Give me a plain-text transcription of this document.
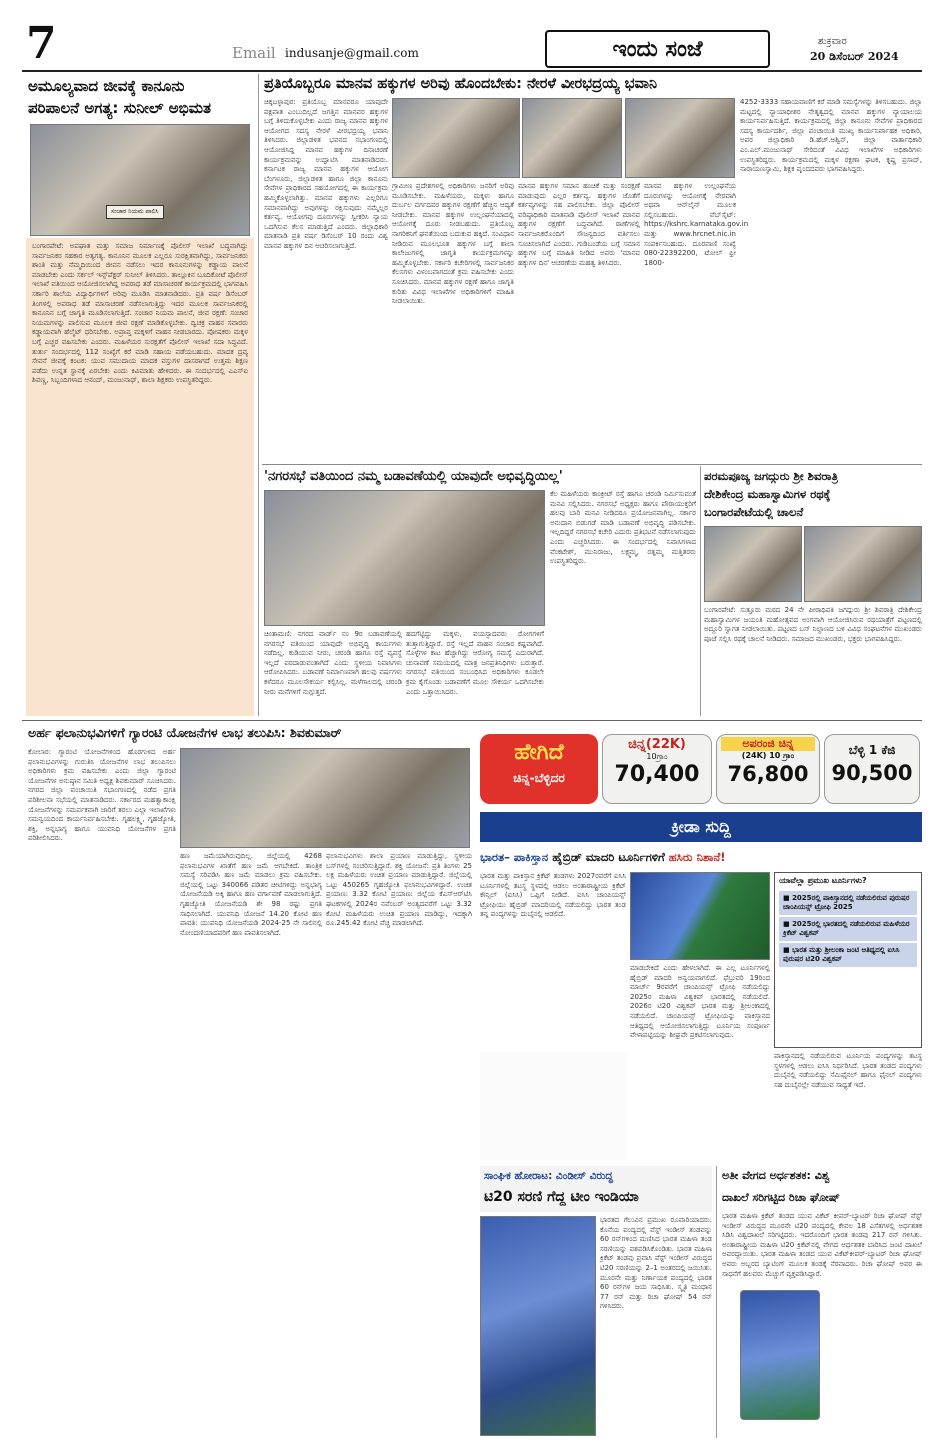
7	Email indusanje@gmail.com	ಇಂದು ಸಂಜೆ	ಶುಕ್ರವಾರ
20 ಡಿಸೆಂಬರ್ 2024
ಅಮೂಲ್ಯವಾದ ಜೀವಕ್ಕೆ ಕಾನೂನು
ಪರಿಪಾಲನೆ ಅಗತ್ಯ: ಸುನೀಲ್ ಅಭಿಮತ
ಸಂಚಾರ ನಿಯಮ ಪಾಲಿಸಿ
ಬಂಗಾರಪೇಟೆ: ಅಪಘಾತ ಮತ್ತು ಸಮಾಜ ನಿರ್ಮಾಣಕ್ಕೆ ಪೊಲೀಸ್ ಇಲಾಖೆ ಬದ್ಧವಾಗಿದ್ದು ಸಾರ್ವಜನಿಕರ ಸಹಕಾರ ಅತ್ಯಗತ್ಯ. ಕಾನೂನಿನ ಮೂಲಕ ಎಲ್ಲರೂ ಸುರಕ್ಷಿತವಾಗಿದ್ದು, ಸಾರ್ವಜನಿಕರು ಶಾಂತಿ ಮತ್ತು ನೆಮ್ಮದಿಯಿಂದ ಜೀವನ ನಡೆಸಲು ಇದರ ಕಾನೂನುಗಳನ್ನು ಕಡ್ಡಾಯ ಪಾಲನೆ ಮಾಡಬೇಕು ಎಂದು ಸರ್ಕಲ್ ಇನ್ಸ್‌ಪೆಕ್ಟರ್ ಸುನೀಲ್ ತಿಳಿಸಿದರು. ತಾಲ್ಲೂಕಿನ ಬೂದಿಕೋಟೆ ಪೊಲೀಸ್ ಇಲಾಖೆ ವತಿಯಿಂದ ಆಯೋಜಿಸಲಾಗಿದ್ದ ಅಪರಾಧ ತಡೆ ಮಾಸಾಚರಣೆ ಕಾರ್ಯಕ್ರಮದಲ್ಲಿ ಭಾಗವಹಿಸಿ ಸರ್ಕಾರಿ ಶಾಲೆಯ ವಿದ್ಯಾರ್ಥಿಗಳಿಗೆ ಅರಿವು ಮೂಡಿಸಿ ಮಾತನಾಡಿದರು. ಪ್ರತಿ ವರ್ಷ ಡಿಸೆಂಬರ್ ತಿಂಗಳಲ್ಲಿ ಅಪರಾಧ ತಡೆ ಮಾಸಾಚರಣೆ ನಡೆಸಲಾಗುತ್ತಿದ್ದು ಇದರ ಮೂಲಕ ಸಾರ್ವಜನಿಕರಲ್ಲಿ ಕಾನೂನಿನ ಬಗ್ಗೆ ಜಾಗೃತಿ ಮೂಡಿಸಲಾಗುತ್ತಿದೆ. ಸಂಚಾರ ನಿಯಮ ಪಾಲನೆ, ಜೀವ ರಕ್ಷಣೆ: ಸಂಚಾರ ನಿಯಮಗಳನ್ನು ಪಾಲಿಸುವ ಮೂಲಕ ಜೀವ ರಕ್ಷಣೆ ಮಾಡಿಕೊಳ್ಳಬೇಕು. ದ್ವಿಚಕ್ರ ವಾಹನ ಸವಾರರು ಕಡ್ಡಾಯವಾಗಿ ಹೆಲ್ಮೆಟ್ ಧರಿಸಬೇಕು. ಅಪ್ರಾಪ್ತ ಮಕ್ಕಳಿಗೆ ವಾಹನ ನೀಡಬಾರದು. ಪೋಷಕರು ಮಕ್ಕಳ ಬಗ್ಗೆ ಎಚ್ಚರ ವಹಿಸಬೇಕು ಎಂದರು. ಮಹಿಳೆಯರ ಸುರಕ್ಷತೆಗೆ ಪೊಲೀಸ್ ಇಲಾಖೆ ಸದಾ ಸಿದ್ಧವಿದೆ. ತುರ್ತು ಸಂದರ್ಭದಲ್ಲಿ 112 ಸಂಖ್ಯೆಗೆ ಕರೆ ಮಾಡಿ ಸಹಾಯ ಪಡೆಯಬಹುದು. ಮಾದಕ ದ್ರವ್ಯ ಸೇವನೆ ಜೀವಕ್ಕೆ ಕಂಟಕ: ಯುವ ಸಮುದಾಯ ಮಾದಕ ವಸ್ತುಗಳ ದಾಸರಾಗದೆ ಉತ್ತಮ ಶಿಕ್ಷಣ ಪಡೆದು ಉನ್ನತ ಸ್ಥಾನಕ್ಕೆ ಏರಬೇಕು ಎಂದು ಕಿವಿಮಾತು ಹೇಳಿದರು. ಈ ಸಂದರ್ಭದಲ್ಲಿ ಎಎಸ್‌ಐ ಶಿವಣ್ಣ, ಸಿಬ್ಬಂದಿಗಳಾದ ಆನಂದ್, ಮಂಜುನಾಥ್, ಶಾಲಾ ಶಿಕ್ಷಕರು ಉಪಸ್ಥಿತರಿದ್ದರು.
ಪ್ರತಿಯೊಬ್ಬರೂ ಮಾನವ ಹಕ್ಕುಗಳ ಅರಿವು ಹೊಂದಬೇಕು: ನೇರಳೆ ವೀರಭದ್ರಯ್ಯ ಭವಾನಿ
ಚಿಕ್ಕಬಳ್ಳಾಪುರ: ಪ್ರತಿಯೊಬ್ಬ ಮಾನವರೂ ಯಾವುದೇ ಪಕ್ಷಪಾತ ಎಂಬುದಿಲ್ಲದೆ ಜಗತ್ತಿನ ಮಾನವರ ಹಕ್ಕುಗಳ ಬಗ್ಗೆ ತಿಳಿದುಕೊಳ್ಳಬೇಕು ಎಂದು ರಾಜ್ಯ ಮಾನವ ಹಕ್ಕುಗಳ ಆಯೋಗದ ಸದಸ್ಯ ನೇರಳೆ ವೀರಭದ್ರಯ್ಯ ಭವಾನಿ ತಿಳಿಸಿದರು. ಜಿಲ್ಲಾಡಳಿತ ಭವನದ ಸಭಾಂಗಣದಲ್ಲಿ ಆಯೋಜಿಸಿದ್ದ ಮಾನವ ಹಕ್ಕುಗಳ ದಿನಾಚರಣೆ ಕಾರ್ಯಕ್ರಮವನ್ನು ಉದ್ಘಾಟಿಸಿ ಮಾತನಾಡಿದರು. ಕರ್ನಾಟಕ ರಾಜ್ಯ ಮಾನವ ಹಕ್ಕುಗಳ ಆಯೋಗ ಬೆಂಗಳೂರು, ಜಿಲ್ಲಾಡಳಿತ ಹಾಗೂ ಜಿಲ್ಲಾ ಕಾನೂನು ಸೇವೆಗಳ ಪ್ರಾಧಿಕಾರದ ಸಹಯೋಗದಲ್ಲಿ ಈ ಕಾರ್ಯಕ್ರಮ ಹಮ್ಮಿಕೊಳ್ಳಲಾಗಿತ್ತು. ಮಾನವ ಹಕ್ಕುಗಳು ಎಲ್ಲರಿಗೂ ಸಮಾನವಾಗಿದ್ದು ಅವುಗಳನ್ನು ರಕ್ಷಿಸುವುದು ನಮ್ಮೆಲ್ಲರ ಕರ್ತವ್ಯ. ಆಯೋಗವು ದೂರುಗಳನ್ನು ಸ್ವೀಕರಿಸಿ ನ್ಯಾಯ ಒದಗಿಸುವ ಕೆಲಸ ಮಾಡುತ್ತಿದೆ ಎಂದರು. ಜಿಲ್ಲಾಧಿಕಾರಿ ಮಾತನಾಡಿ ಪ್ರತಿ ವರ್ಷ ಡಿಸೆಂಬರ್ 10 ರಂದು ವಿಶ್ವ ಮಾನವ ಹಕ್ಕುಗಳ ದಿನ ಆಚರಿಸಲಾಗುತ್ತಿದೆ.
ಗ್ರಾಮೀಣ ಪ್ರದೇಶಗಳಲ್ಲಿ ಅಧಿಕಾರಿಗಳು ಜನರಿಗೆ ಅರಿವು ಮೂಡಿಸಬೇಕು. ಮಹಿಳೆಯರು, ಮಕ್ಕಳು ಹಾಗೂ ದುರ್ಬಲ ವರ್ಗದವರ ಹಕ್ಕುಗಳ ರಕ್ಷಣೆಗೆ ಹೆಚ್ಚಿನ ಆದ್ಯತೆ ನೀಡಬೇಕು. ಮಾನವ ಹಕ್ಕುಗಳ ಉಲ್ಲಂಘನೆಯಾದಲ್ಲಿ ಆಯೋಗಕ್ಕೆ ದೂರು ನೀಡಬಹುದು. ಪ್ರತಿಯೊಬ್ಬ ನಾಗರಿಕನಿಗೆ ಘನತೆಯಿಂದ ಬದುಕುವ ಹಕ್ಕಿದೆ. ಸಂವಿಧಾನ ನೀಡಿರುವ ಮೂಲಭೂತ ಹಕ್ಕುಗಳ ಬಗ್ಗೆ ಶಾಲಾ ಕಾಲೇಜುಗಳಲ್ಲಿ ಜಾಗೃತಿ ಕಾರ್ಯಕ್ರಮಗಳನ್ನು ಹಮ್ಮಿಕೊಳ್ಳಬೇಕು. ಸರ್ಕಾರಿ ಕಚೇರಿಗಳಲ್ಲಿ ಸಾರ್ವಜನಿಕರ ಕೆಲಸಗಳು ವಿಳಂಬವಾಗದಂತೆ ಕ್ರಮ ವಹಿಸಬೇಕು ಎಂದು ಸೂಚಿಸಿದರು. ಮಾನವ ಹಕ್ಕುಗಳ ರಕ್ಷಣೆ ಹಾಗೂ ಜಾಗೃತಿ ಕುರಿತು ವಿವಿಧ ಇಲಾಖೆಗಳ ಅಧಿಕಾರಿಗಳಿಗೆ ಮಾಹಿತಿ ನೀಡಲಾಯಿತು.
ಮಾನವ ಹಕ್ಕುಗಳ ಸಮಾನ ಹಂಚಿಕೆ ಮತ್ತು ಸಂರಕ್ಷಣೆ ಮಾಡುವುದು ಎಲ್ಲರ ಕರ್ತವ್ಯ. ಹಕ್ಕುಗಳ ಜೊತೆಗೆ ಕರ್ತವ್ಯಗಳನ್ನು ಸಹ ಪಾಲಿಸಬೇಕು. ಜಿಲ್ಲಾ ಪೊಲೀಸ್ ವರಿಷ್ಠಾಧಿಕಾರಿ ಮಾತನಾಡಿ ಪೊಲೀಸ್ ಇಲಾಖೆ ಮಾನವ ಹಕ್ಕುಗಳ ರಕ್ಷಣೆಗೆ ಬದ್ಧವಾಗಿದೆ. ಠಾಣೆಗಳಲ್ಲಿ ಸಾರ್ವಜನಿಕರೊಂದಿಗೆ ಸೌಜನ್ಯದಿಂದ ವರ್ತಿಸಲು ಸೂಚಿಸಲಾಗಿದೆ ಎಂದರು. ಗುಡಿಬಂಡೆಯ ಬಗ್ಗೆ ಸಮಾನ ಹಕ್ಕುಗಳ ಬಗ್ಗೆ ಮಾಹಿತಿ ನೀಡಿದ ಅವರು 'ಮಾನವ ಹಕ್ಕುಗಳ ದಿನ' ಆಚರಣೆಯ ಮಹತ್ವ ತಿಳಿಸಿದರು.
ಮಾನವ ಹಕ್ಕುಗಳ ಉಲ್ಲಂಘನೆಯ ದೂರುಗಳನ್ನು ಆಯೋಗಕ್ಕೆ ನೇರವಾಗಿ ಅಥವಾ ಆನ್‌ಲೈನ್ ಮೂಲಕ ಸಲ್ಲಿಸಬಹುದು. ವೆಬ್‌ಸೈಟ್: https://kshrc.karnataka.gov.in ಮತ್ತು www.hrcnet.nic.in ಸಂಪರ್ಕಿಸಬಹುದು. ದೂರವಾಣಿ ಸಂಖ್ಯೆ 080-22392200, ಟೋಲ್ ಫ್ರೀ 1800-
4252-3333 ಸಹಾಯವಾಣಿಗೆ ಕರೆ ಮಾಡಿ ಸಮಸ್ಯೆಗಳನ್ನು ತಿಳಿಸಬಹುದು. ಜಿಲ್ಲಾ ಮಟ್ಟದಲ್ಲಿ ನ್ಯಾಯಾಧೀಶರ ನೇತೃತ್ವದಲ್ಲಿ ಮಾನವ ಹಕ್ಕುಗಳ ನ್ಯಾಯಾಲಯ ಕಾರ್ಯನಿರ್ವಹಿಸುತ್ತಿದೆ. ಕಾರ್ಯಕ್ರಮದಲ್ಲಿ ಜಿಲ್ಲಾ ಕಾನೂನು ಸೇವೆಗಳ ಪ್ರಾಧಿಕಾರದ ಸದಸ್ಯ ಕಾರ್ಯದರ್ಶಿ, ಜಿಲ್ಲಾ ಪಂಚಾಯಿತಿ ಮುಖ್ಯ ಕಾರ್ಯನಿರ್ವಾಹಕ ಅಧಿಕಾರಿ, ಅಪರ ಜಿಲ್ಲಾಧಿಕಾರಿ ಡಿ.ಹೆಚ್.ಅಶ್ವಿನ್, ಜಿಲ್ಲಾ ವಾರ್ತಾಧಿಕಾರಿ ಎಂ.ಎಲ್.ಮಂಜುನಾಥ್ ಸೇರಿದಂತೆ ವಿವಿಧ ಇಲಾಖೆಗಳ ಅಧಿಕಾರಿಗಳು ಉಪಸ್ಥಿತರಿದ್ದರು. ಕಾರ್ಯಕ್ರಮದಲ್ಲಿ ಮಕ್ಕಳ ರಕ್ಷಣಾ ಘಟಕ, ಕೃಷ್ಣ ಪ್ರಸಾದ್, ನಾರಾಯಣಸ್ವಾಮಿ, ಶಿಕ್ಷಕ ವೃಂದದವರು ಭಾಗವಹಿಸಿದ್ದರು.
'ನಗರಸಭೆ ವತಿಯಿಂದ ನಮ್ಮ ಬಡಾವಣೆಯಲ್ಲಿ ಯಾವುದೇ ಅಭಿವೃದ್ಧಿಯಿಲ್ಲ'
ಚಿಂತಾಮಣಿ: ನಗರದ ವಾರ್ಡ್ ನಂ 9ರ ಬಡಾವಣೆಯಲ್ಲಿ ನಗರಸಭೆ ವತಿಯಿಂದ ಯಾವುದೇ ಅಭಿವೃದ್ಧಿ ಕಾರ್ಯಗಳು ನಡೆದಿಲ್ಲ. ಕುಡಿಯುವ ನೀರು, ಚರಂಡಿ ಹಾಗೂ ರಸ್ತೆ ವ್ಯವಸ್ಥೆ ಇಲ್ಲದೆ ಪರದಾಡುವಂತಾಗಿದೆ ಎಂದು ಸ್ಥಳೀಯ ನಿವಾಸಿಗಳು ಆರೋಪಿಸಿದರು. ಬಡಾವಣೆ ನಿರ್ಮಾಣವಾಗಿ ಹಲವು ವರ್ಷಗಳು ಕಳೆದರೂ ಮೂಲಸೌಕರ್ಯ ಕಲ್ಪಿಸಿಲ್ಲ. ಮಳೆಗಾಲದಲ್ಲಿ ಚರಂಡಿ ನೀರು ಮನೆಗಳಿಗೆ ನುಗ್ಗುತ್ತದೆ.
ಹದಗೆಟ್ಟಿದ್ದು ಮಕ್ಕಳು, ವಯಸ್ಸಾದವರು ರೋಗಗಳಿಗೆ ತುತ್ತಾಗುತ್ತಿದ್ದಾರೆ. ರಸ್ತೆ ಇಲ್ಲದೆ ವಾಹನ ಸಂಚಾರ ಕಷ್ಟವಾಗಿದೆ. ಸೊಳ್ಳೆಗಳ ಕಾಟ ಹೆಚ್ಚಾಗಿದ್ದು ಆರೋಗ್ಯ ಸಮಸ್ಯೆ ಎದುರಾಗಿದೆ. ಚುನಾವಣೆ ಸಮಯದಲ್ಲಿ ಮಾತ್ರ ಜನಪ್ರತಿನಿಧಿಗಳು ಬರುತ್ತಾರೆ. ನಗರಸಭೆ ವತಿಯಿಂದ ಸಂಬಂಧಿಸಿದ ಅಧಿಕಾರಿಗಳು ಕೂಡಲೇ ಕ್ರಮ ಕೈಗೊಂಡು ಬಡಾವಣೆಗೆ ಮೂಲ ಸೌಕರ್ಯ ಒದಗಿಸಬೇಕು ಎಂದು ಒತ್ತಾಯಿಸಿದರು.
ಕೆಲ ಮಹಿಳೆಯರು ಕಾಂಕ್ರೀಟ್ ರಸ್ತೆ ಹಾಗೂ ಚರಂಡಿ ನಿರ್ಮಿಸುವಂತೆ ಮನವಿ ಸಲ್ಲಿಸಿದರು. ನಗರಸಭೆ ಅಧ್ಯಕ್ಷರು ಹಾಗೂ ಪೌರಾಯುಕ್ತರಿಗೆ ಹಲವು ಬಾರಿ ಮನವಿ ನೀಡಿದರೂ ಪ್ರಯೋಜನವಾಗಿಲ್ಲ. ಸರ್ಕಾರ ಅನುದಾನ ಬಿಡುಗಡೆ ಮಾಡಿ ಬಡಾವಣೆ ಅಭಿವೃದ್ಧಿ ಪಡಿಸಬೇಕು. ಇಲ್ಲದಿದ್ದರೆ ನಗರಸಭೆ ಕಚೇರಿ ಎದುರು ಪ್ರತಿಭಟನೆ ನಡೆಸಲಾಗುವುದು ಎಂದು ಎಚ್ಚರಿಸಿದರು. ಈ ಸಂದರ್ಭದಲ್ಲಿ ನಿವಾಸಿಗಳಾದ ವೆಂಕಟೇಶ್, ಮುನಿರಾಜು, ಲಕ್ಷ್ಮಮ್ಮ, ರತ್ನಮ್ಮ ಮತ್ತಿತರರು ಉಪಸ್ಥಿತರಿದ್ದರು.
ಪರಮಪೂಜ್ಯ ಜಗದ್ಗುರು ಶ್ರೀ ಶಿವರಾತ್ರಿ
ದೇಶಿಕೇಂದ್ರ ಮಹಾಸ್ವಾಮಿಗಳ ರಥಕ್ಕೆ
ಬಂಗಾರಪೇಟೆಯಲ್ಲಿ ಚಾಲನೆ
ಬಂಗಾರಪೇಟೆ: ಸುತ್ತೂರು ಮಠದ 24 ನೇ ಪೀಠಾಧಿಪತಿ ಜಗದ್ಗುರು ಶ್ರೀ ಶಿವರಾತ್ರಿ ದೇಶಿಕೇಂದ್ರ ಮಹಾಸ್ವಾಮಿಗಳ ಜಯಂತಿ ಮಹೋತ್ಸವದ ಅಂಗವಾಗಿ ಆಯೋಜಿಸಿರುವ ರಥಯಾತ್ರೆಗೆ ಪಟ್ಟಣದಲ್ಲಿ ಅದ್ದೂರಿ ಸ್ವಾಗತ ನೀಡಲಾಯಿತು. ಪಟ್ಟಣದ ಬಸ್ ನಿಲ್ದಾಣದ ಬಳಿ ವಿವಿಧ ಸಂಘಟನೆಗಳ ಮುಖಂಡರು ಪೂಜೆ ಸಲ್ಲಿಸಿ ರಥಕ್ಕೆ ಚಾಲನೆ ನೀಡಿದರು. ಸಮಾಜದ ಮುಖಂಡರು, ಭಕ್ತರು ಭಾಗವಹಿಸಿದ್ದರು.
ಅರ್ಹ ಫಲಾನುಭವಿಗಳಿಗೆ ಗ್ಯಾರಂಟಿ ಯೋಜನೆಗಳ ಲಾಭ ತಲುಪಿಸಿ: ಶಿವಕುಮಾರ್
ಕೋಲಾರ: ಗ್ಯಾರಂಟಿ ಯೋಜನೆಗಳಿಂದ ಹೊರಗುಳಿದ ಅರ್ಹ ಫಲಾನುಭವಿಗಳನ್ನು ಗುರುತಿಸಿ ಯೋಜನೆಗಳ ಲಾಭ ತಲುಪಿಸಲು ಅಧಿಕಾರಿಗಳು ಕ್ರಮ ವಹಿಸಬೇಕು ಎಂದು ಜಿಲ್ಲಾ ಗ್ಯಾರಂಟಿ ಯೋಜನೆಗಳ ಅನುಷ್ಠಾನ ಸಮಿತಿ ಅಧ್ಯಕ್ಷ ಶಿವಕುಮಾರ್ ಸೂಚಿಸಿದರು. ನಗರದ ಜಿಲ್ಲಾ ಪಂಚಾಯಿತಿ ಸಭಾಂಗಣದಲ್ಲಿ ನಡೆದ ಪ್ರಗತಿ ಪರಿಶೀಲನಾ ಸಭೆಯಲ್ಲಿ ಮಾತನಾಡಿದರು. ಸರ್ಕಾರದ ಮಹತ್ವಾಕಾಂಕ್ಷಿ ಯೋಜನೆಗಳನ್ನು ಸಮರ್ಪಕವಾಗಿ ಜಾರಿಗೆ ತರಲು ಎಲ್ಲಾ ಇಲಾಖೆಗಳು ಸಮನ್ವಯದಿಂದ ಕಾರ್ಯನಿರ್ವಹಿಸಬೇಕು. ಗೃಹಲಕ್ಷ್ಮಿ, ಗೃಹಜ್ಯೋತಿ, ಶಕ್ತಿ, ಅನ್ನಭಾಗ್ಯ ಹಾಗೂ ಯುವನಿಧಿ ಯೋಜನೆಗಳ ಪ್ರಗತಿ ಪರಿಶೀಲಿಸಿದರು.
ಹಣ ಜಮೆಯಾಗಿರುವುದಿಲ್ಲ. ಜಿಲ್ಲೆಯಲ್ಲಿ 4268 ಫಲಾನುಭವಿಗಳ ಖಾತೆಗೆ ಹಣ ಜಮೆ ಆಗಬೇಕಿದೆ. ತಾಂತ್ರಿಕ ಸಮಸ್ಯೆ ಸರಿಪಡಿಸಿ ಹಣ ಜಮೆ ಮಾಡಲು ಕ್ರಮ ವಹಿಸಬೇಕು. ಜಿಲ್ಲೆಯಲ್ಲಿ ಒಟ್ಟು 340066 ಪಡಿತರ ಚೀಟಿಗಳಿದ್ದು ಅನ್ನಭಾಗ್ಯ ಯೋಜನೆಯಡಿ ಅಕ್ಕಿ ಹಾಗೂ ಹಣ ವರ್ಗಾವಣೆ ಮಾಡಲಾಗುತ್ತಿದೆ. ಗೃಹಜ್ಯೋತಿ ಯೋಜನೆಯಡಿ ಶೇ 98 ರಷ್ಟು ಪ್ರಗತಿ ಸಾಧಿಸಲಾಗಿದೆ. ಯುವನಿಧಿ ಯೋಜನೆ 14.20 ಕೋಟಿ ಹಣ ಪಾವತಿ: ಯುವನಿಧಿ ಯೋಜನೆಯಡಿ 2024-25 ನೇ ಸಾಲಿನಲ್ಲಿ ನೋಂದಣಿಯಾದವರಿಗೆ ಹಣ ಪಾವತಿಸಲಾಗಿದೆ.
ಫಲಾನುಭವಿಗಳು ಶಾಲಾ ಪ್ರಯಾಣ ಮಾಡುತ್ತಿದ್ದು, ಸ್ಥಳೀಯ ಬಸ್‌ಗಳಲ್ಲಿ ಸಂಚರಿಸುತ್ತಿದ್ದಾರೆ. ಶಕ್ತಿ ಯೋಜನೆ: ಪ್ರತಿ ತಿಂಗಳು 25 ಲಕ್ಷ ಮಹಿಳೆಯರು ಉಚಿತ ಪ್ರಯಾಣ ಮಾಡುತ್ತಿದ್ದಾರೆ. ಜಿಲ್ಲೆಯಲ್ಲಿ ಒಟ್ಟು 450265 ಗೃಹಜ್ಯೋತಿ ಫಲಾನುಭವಿಗಳಿದ್ದಾರೆ. ಉಚಿತ ಪ್ರಯಾಣ: 3.32 ಕೋಟಿ ಪ್ರಯಾಣ: ಜಿಲ್ಲೆಯ ಕೆಎಸ್ಆರ್‌ಟಿಸಿ ಘಟಕಗಳಲ್ಲಿ 2024ರ ನವೆಂಬರ್ ಅಂತ್ಯದವರೆಗೆ ಒಟ್ಟು 3.32 ಕೋಟಿ ಮಹಿಳೆಯರು ಉಚಿತ ಪ್ರಯಾಣ ಮಾಡಿದ್ದು, ಇದಕ್ಕಾಗಿ ರೂ.245.42 ಕೋಟಿ ವೆಚ್ಚ ಮಾಡಲಾಗಿದೆ.
ಹೇಗಿದೆ
ಚಿನ್ನ-ಬೆಳ್ಳಿದರ
ಚಿನ್ನ(22K)
10ಗ್ರಾಂ
70,400
ಅಪರಂಜಿ ಚಿನ್ನ
(24K) 10 ಗ್ರಾಂ
76,800
ಬೆಳ್ಳಿ 1 ಕೆಜಿ
90,500
ಕ್ರೀಡಾ ಸುದ್ದಿ
ಭಾರತ– ಪಾಕಿಸ್ತಾನ ಹೈಬ್ರಿಡ್ ಮಾದರಿ ಟೂರ್ನಿಗಳಿಗೆ ಹಸಿರು ನಿಶಾನೆ!
ಭಾರತ ಮತ್ತು ಪಾಕಿಸ್ತಾನ ಕ್ರಿಕೆಟ್ ತಂಡಗಳು 2027ರವರೆಗೆ ಐಸಿಸಿ ಟೂರ್ನಿಗಳಲ್ಲಿ ತಟಸ್ಥ ಸ್ಥಳದಲ್ಲಿ ಆಡಲು ಅಂತಾರಾಷ್ಟ್ರೀಯ ಕ್ರಿಕೆಟ್ ಕೌನ್ಸಿಲ್ (ಐಸಿಸಿ) ಒಪ್ಪಿಗೆ ನೀಡಿದೆ. ಐಸಿಸಿ ಚಾಂಪಿಯನ್ಸ್ ಟ್ರೋಫಿಯು ಹೈಬ್ರಿಡ್ ಮಾದರಿಯಲ್ಲಿ ನಡೆಯಲಿದ್ದು ಭಾರತ ತಂಡ ತನ್ನ ಪಂದ್ಯಗಳನ್ನು ದುಬೈನಲ್ಲಿ ಆಡಲಿದೆ.
ಮಾಡಬೇಕಿದೆ ಎಂದು ಹೇಳಲಾಗಿದೆ. ಈ ಎಲ್ಲ ಟೂರ್ನಿಗಳಲ್ಲಿ ಹೈಬ್ರಿಡ್ ಮಾದರಿ ಅನ್ವಯವಾಗಲಿದೆ. ಫೆಬ್ರುವರಿ 19ರಿಂದ ಮಾರ್ಚ್ 9ರವರೆಗೆ ಚಾಂಪಿಯನ್ಸ್ ಟ್ರೋಫಿ ನಡೆಯಲಿದ್ದು 2025ರ ಮಹಿಳಾ ವಿಶ್ವಕಪ್ ಭಾರತದಲ್ಲಿ ನಡೆಯಲಿದೆ. 2026ರ ಟಿ20 ವಿಶ್ವಕಪ್ ಭಾರತ ಮತ್ತು ಶ್ರೀಲಂಕಾದಲ್ಲಿ ನಡೆಯಲಿದೆ. ಚಾಂಪಿಯನ್ಸ್ ಟ್ರೋಫಿಯನ್ನು ಪಾಕಿಸ್ತಾನದ ಆತಿಥ್ಯದಲ್ಲಿ ಆಯೋಜಿಸಲಾಗುತ್ತಿದ್ದು ಟೂರ್ನಿಯ ಸಂಪೂರ್ಣ ವೇಳಾಪಟ್ಟಿಯನ್ನು ಶೀಘ್ರವೇ ಪ್ರಕಟಿಸಲಾಗುವುದು.
ಯಾವೆಲ್ಲಾ ಪ್ರಮುಖ ಟೂರ್ನಿಗಳು?
■ 2025ರಲ್ಲಿ ಪಾಕಿಸ್ತಾನದಲ್ಲಿ ನಡೆಯಲಿರುವ ಪುರುಷರ ಚಾಂಪಿಯನ್ಸ್ ಟ್ರೋಫಿ 2025
■ 2025ರಲ್ಲಿ ಭಾರತದಲ್ಲಿ ನಡೆಯಲಿರುವ ಮಹಿಳೆಯರ ಕ್ರಿಕೆಟ್ ವಿಶ್ವಕಪ್
■ ಭಾರತ ಮತ್ತು ಶ್ರೀಲಂಕಾ ಜಂಟಿ ಆತಿಥ್ಯದಲ್ಲಿ ಐಸಿಸಿ ಪುರುಷರ ಟಿ20 ವಿಶ್ವಕಪ್
ಪಾಕಿಸ್ತಾನದಲ್ಲಿ ನಡೆಯಲಿರುವ ಟೂರ್ನಿಯ ಪಂದ್ಯಗಳನ್ನು ತಟಸ್ಥ ಸ್ಥಳಗಳಲ್ಲಿ ಆಡಲು ಐಸಿಸಿ ನಿರ್ಧರಿಸಿದೆ. ಭಾರತ ತಂಡದ ಪಂದ್ಯಗಳು ದುಬೈನಲ್ಲಿ ನಡೆಯಲಿದ್ದು ಸೆಮಿಫೈನಲ್ ಹಾಗೂ ಫೈನಲ್ ಪಂದ್ಯಗಳು ಸಹ ದುಬೈನಲ್ಲೇ ನಡೆಯುವ ಸಾಧ್ಯತೆ ಇದೆ.
ಸಾಂಘಿಕ ಹೋರಾಟ: ವಿಂಡೀಸ್ ವಿರುದ್ಧ
ಟಿ20 ಸರಣಿ ಗೆದ್ದ ಟೀಂ ಇಂಡಿಯಾ
ಭಾರತದ ಗೆಲುವಿನ ಪ್ರಮುಖ ರೂವಾರಿಯಾದರು. ಕೊನೆಯ ಪಂದ್ಯದಲ್ಲಿ ವೆಸ್ಟ್ ಇಂಡೀಸ್ ತಂಡವನ್ನು 60 ರನ್‌ಗಳಿಂದ ಮಣಿಸಿದ ಭಾರತ ಮಹಿಳಾ ತಂಡ ಸರಣಿಯನ್ನು ವಶಪಡಿಸಿಕೊಂಡಿತು. ಭಾರತ ಮಹಿಳಾ ಕ್ರಿಕೆಟ್ ತಂಡವು ಪ್ರವಾಸಿ ವೆಸ್ಟ್ ಇಂಡೀಸ್ ವಿರುದ್ಧದ ಟಿ20 ಸರಣಿಯನ್ನು 2–1 ಅಂತರದಲ್ಲಿ ಜಯಿಸಿತು. ಮೂರನೇ ಮತ್ತು ನಿರ್ಣಾಯಕ ಪಂದ್ಯದಲ್ಲಿ ಭಾರತ 60 ರನ್‌ಗಳ ಜಯ ಸಾಧಿಸಿತು. ಸ್ಮೃತಿ ಮಂಧಾನ 77 ರನ್ ಮತ್ತು ರಿಚಾ ಘೋಷ್ 54 ರನ್ ಗಳಿಸಿದರು.
ಅತೀ ವೇಗದ ಅರ್ಧಶತಕ: ವಿಶ್ವ
ದಾಖಲೆ ಸರಿಗಟ್ಟಿದ ರಿಚಾ ಘೋಷ್
ಭಾರತ ಮಹಿಳಾ ಕ್ರಿಕೆಟ್ ತಂಡದ ಯುವ ವಿಕೆಟ್ ಕೀಪರ್-ಬ್ಯಾಟರ್ ರಿಚಾ ಘೋಷ್ ವೆಸ್ಟ್ ಇಂಡೀಸ್ ವಿರುದ್ಧದ ಮೂರನೇ ಟಿ20 ಪಂದ್ಯದಲ್ಲಿ ಕೇವಲ 18 ಎಸೆತಗಳಲ್ಲಿ ಅರ್ಧಶತಕ ಸಿಡಿಸಿ ವಿಶ್ವದಾಖಲೆ ಸರಿಗಟ್ಟಿದರು. ಇದರೊಂದಿಗೆ ಭಾರತ ತಂಡವು 217 ರನ್ ಗಳಿಸಿತು. ಅಂತಾರಾಷ್ಟ್ರೀಯ ಮಹಿಳಾ ಟಿ20 ಕ್ರಿಕೆಟ್‌ನಲ್ಲಿ ವೇಗದ ಅರ್ಧಶತಕ ಬಾರಿಸಿದ ಜಂಟಿ ದಾಖಲೆ ಅವರದ್ದಾಯಿತು. ಭಾರತ ಮಹಿಳಾ ತಂಡದ ಯುವ ವಿಕೆಟ್‌ಕೀಪರ್-ಬ್ಯಾಟರ್ ರಿಚಾ ಘೋಷ್ ಅವರು ಅಬ್ಬರದ ಬ್ಯಾಟಿಂಗ್ ಮೂಲಕ ತಂಡಕ್ಕೆ ನೆರವಾದರು. ರಿಚಾ ಘೋಷ್ ಅವರ ಈ ಸಾಧನೆಗೆ ಹಲವರು ಮೆಚ್ಚುಗೆ ವ್ಯಕ್ತಪಡಿಸಿದ್ದಾರೆ.
